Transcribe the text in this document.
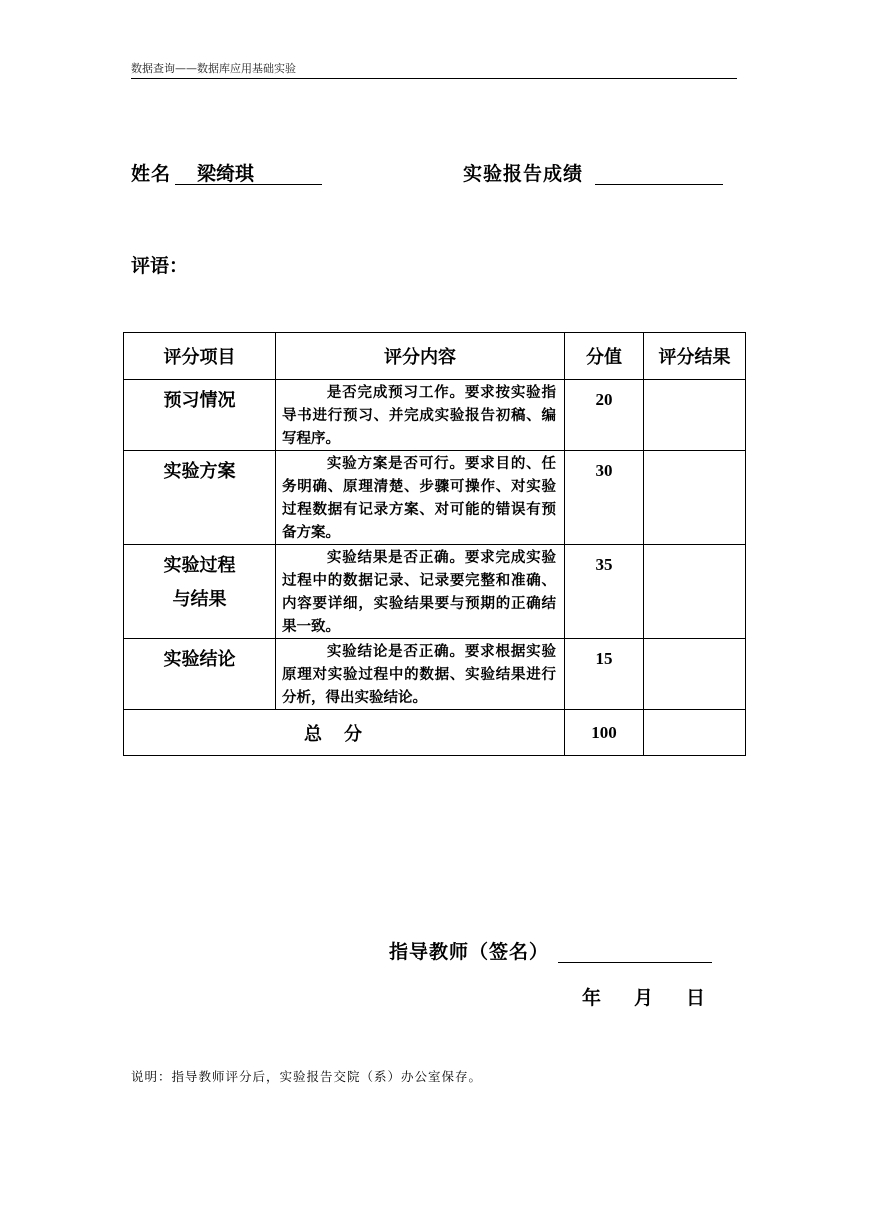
数据查询——数据库应用基础实验
姓名 梁绮琪	实验报告成绩
评语：
评分项目	评分内容	分值	评分结果

预习情况	是否完成预习工作。要求按实验指导书进行预习、并完成实验报告初稿、编写程序。	20	

实验方案	实验方案是否可行。要求目的、任务明确、原理清楚、步骤可操作、对实验过程数据有记录方案、对可能的错误有预备方案。	30	

实验过程
与结果	实验结果是否正确。要求完成实验过程中的数据记录、记录要完整和准确、内容要详细，实验结果要与预期的正确结果一致。	35	

实验结论	实验结论是否正确。要求根据实验原理对实验过程中的数据、实验结果进行分析，得出实验结论。	15	

总分		100	
指导教师（签名）
年 月 日
说明：指导教师评分后，实验报告交院（系）办公室保存。
